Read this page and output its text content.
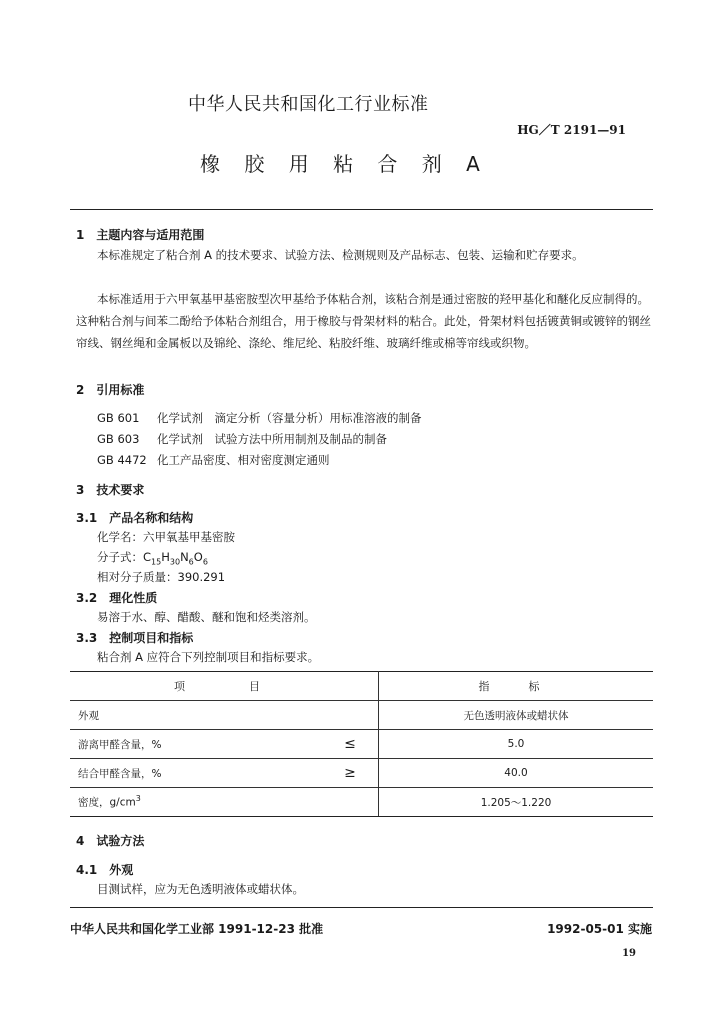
中华人民共和国化工行业标准
HG／T 2191—91
橡 胶 用 粘 合 剂 A
1　主题内容与适用范围

本标准规定了粘合剂 A 的技术要求、试验方法、检测规则及产品标志、包装、运输和贮存要求。

本标准适用于六甲氧基甲基密胺型次甲基给予体粘合剂，该粘合剂是通过密胺的羟甲基化和醚化反应制得的。这种粘合剂与间苯二酚给予体粘合剂组合，用于橡胶与骨架材料的粘合。此处，骨架材料包括镀黄铜或镀锌的钢丝帘线、钢丝绳和金属板以及锦纶、涤纶、维尼纶、粘胶纤维、玻璃纤维或棉等帘线或织物。

2　引用标准
GB 601 化学试剂　滴定分析（容量分析）用标准溶液的制备
GB 603 化学试剂　试验方法中所用制剂及制品的制备
GB 4472 化工产品密度、相对密度测定通则
3　技术要求
3.1　产品名称和结构
化学名：六甲氧基甲基密胺
分子式：$C_{15}H_{30}N_6O_6$
相对分子质量：390.291
3.2　理化性质
易溶于水、醇、醋酸、醚和饱和烃类溶剂。
3.3　控制项目和指标
粘合剂 A 应符合下列控制项目和指标要求。
项　　目		指　标
外观		无色透明液体或蜡状体
游离甲醛含量，%	≤	5.0
结合甲醛含量，%	≥	40.0
密度，$g/cm^3$		1.205～1.220
4　试验方法
4.1　外观
目测试样，应为无色透明液体或蜡状体。
中华人民共和国化学工业部 1991-12-23 批准	1992-05-01 实施
19
